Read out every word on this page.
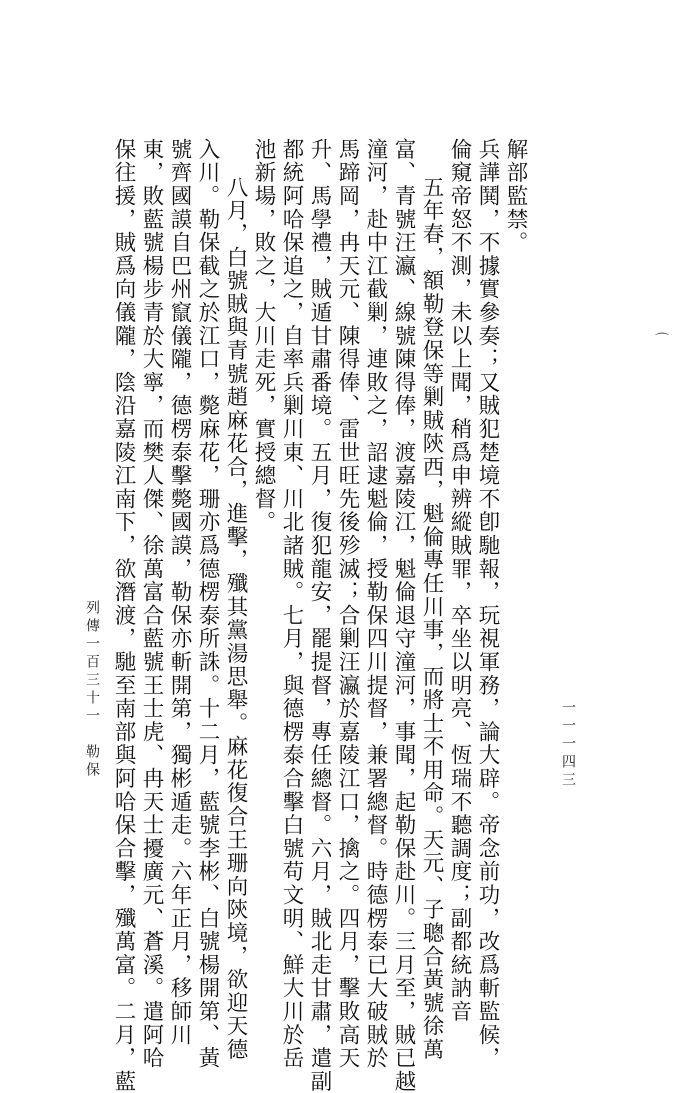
解部監禁。
兵譁鬨，不據實參奏；又賊犯楚境不卽馳報，玩視軍務，論大辟。帝念前功，改爲斬監候，
倫窺帝怒不測，未以上聞，稍爲申辨縱賊罪，卒坐以明亮、恆瑞不聽調度；副都統訥音
五年春，額勒登保等剿賊陝西，魁倫專任川事，而將士不用命。天元、子聰合黃號徐萬
富、青號汪瀛、線號陳得俸，渡嘉陵江，魁倫退守潼河，事聞，起勒保赴川。三月至，賊已越
潼河，赴中江截剿，連敗之，詔逮魁倫，授勒保四川提督，兼署總督。時德楞泰已大破賊於
馬蹄岡，冉天元、陳得俸、雷世旺先後殄滅；合剿汪瀛於嘉陵江口，擒之。四月，擊敗高天
升、馬學禮，賊遁甘肅番境。五月，復犯龍安，罷提督，專任總督。六月，賊北走甘肅，遣副
都統阿哈保追之，自率兵剿川東、川北諸賊。七月，與德楞泰合擊白號苟文明、鮮大川於岳
池新場，敗之，大川走死，實授總督。
八月，白號賊與青號趙麻花合，進擊，殲其黨湯思舉。麻花復合王珊向陝境，欲迎天德
入川。勒保截之於江口，斃麻花，珊亦爲德楞泰所誅。十二月，藍號李彬、白號楊開第、黃
號齊國謨自巴州竄儀隴，德楞泰擊斃國謨，勒保亦斬開第，獨彬遁走。六年正月，移師川
東，敗藍號楊步青於大寧，而樊人傑、徐萬富合藍號王士虎、冉天士擾廣元、蒼溪。遣阿哈
保往援，賊爲向儀隴，陰沿嘉陵江南下，欲潛渡，馳至南部與阿哈保合擊，殲萬富。二月，藍
列傳一百三十一　勒保	一一一四三
⌒
